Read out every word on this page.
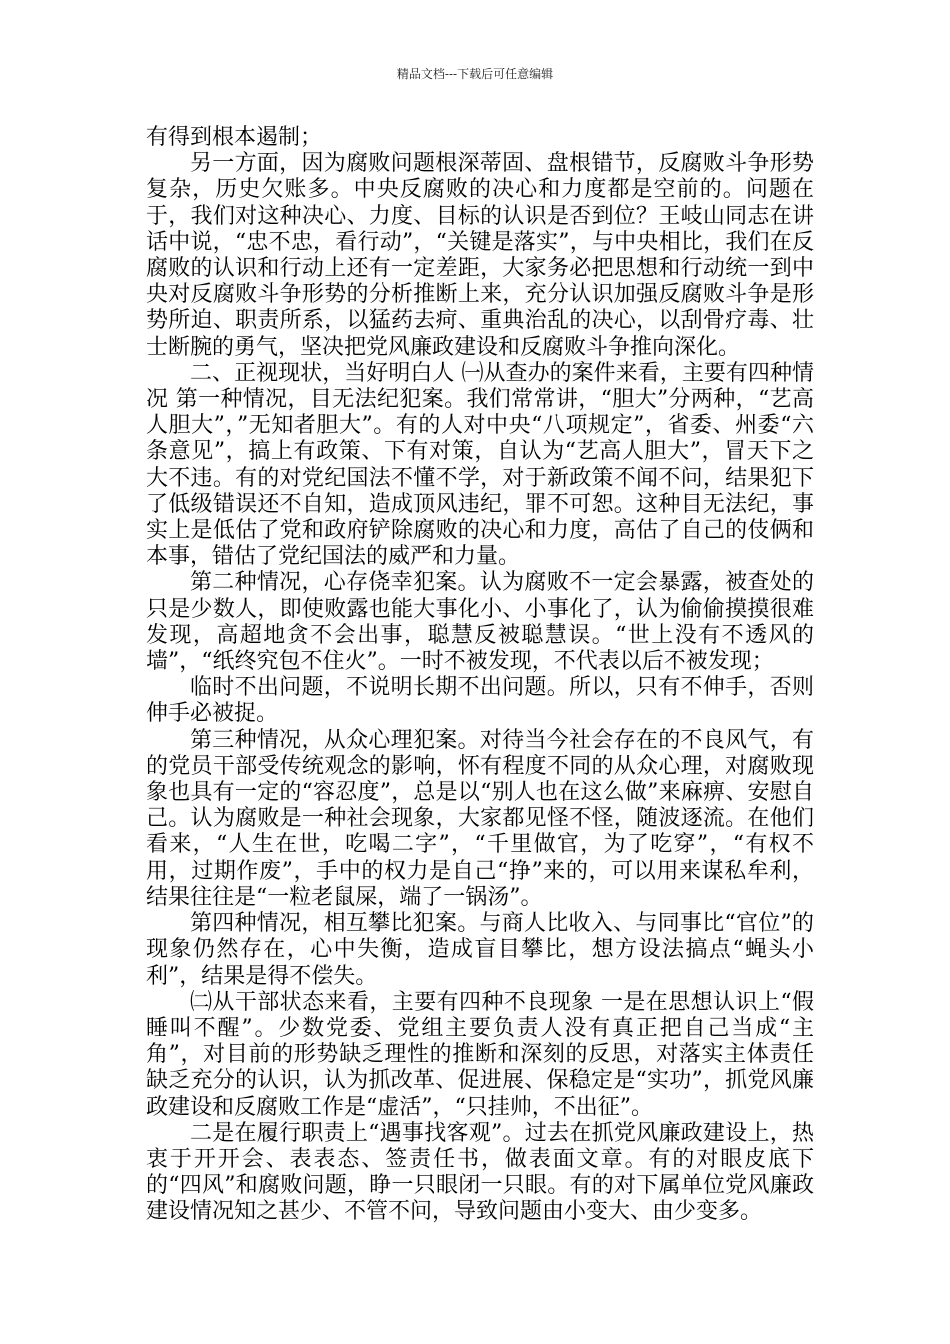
精品文档---下载后可任意编辑

有得到根本遏制；

另一方面，因为腐败问题根深蒂固、盘根错节，反腐败斗争形势复杂，历史欠账多。中央反腐败的决心和力度都是空前的。问题在于，我们对这种决心、力度、目标的认识是否到位？王岐山同志在讲话中说，“忠不忠，看行动”，“关键是落实”，与中央相比，我们在反腐败的认识和行动上还有一定差距，大家务必把思想和行动统一到中央对反腐败斗争形势的分析推断上来，充分认识加强反腐败斗争是形势所迫、职责所系，以猛药去疴、重典治乱的决心，以刮骨疗毒、壮士断腕的勇气，坚决把党风廉政建设和反腐败斗争推向深化。

二、正视现状，当好明白人 ㈠从查办的案件来看，主要有四种情况 第一种情况，目无法纪犯案。我们常常讲，“胆大”分两种，“艺高人胆大”，”无知者胆大”。有的人对中央“八项规定”，省委、州委“六条意见”，搞上有政策、下有对策，自认为“艺高人胆大”，冒天下之大不违。有的对党纪国法不懂不学，对于新政策不闻不问，结果犯下了低级错误还不自知，造成顶风违纪，罪不可恕。这种目无法纪，事实上是低估了党和政府铲除腐败的决心和力度，高估了自己的伎俩和本事，错估了党纪国法的威严和力量。

第二种情况，心存侥幸犯案。认为腐败不一定会暴露，被查处的只是少数人，即使败露也能大事化小、小事化了，认为偷偷摸摸很难发现，高超地贪不会出事，聪慧反被聪慧误。“世上没有不透风的墙”，“纸终究包不住火”。一时不被发现，不代表以后不被发现；

临时不出问题，不说明长期不出问题。所以，只有不伸手，否则伸手必被捉。

第三种情况，从众心理犯案。对待当今社会存在的不良风气，有的党员干部受传统观念的影响，怀有程度不同的从众心理，对腐败现象也具有一定的“容忍度”，总是以“别人也在这么做”来麻痹、安慰自己。认为腐败是一种社会现象，大家都见怪不怪，随波逐流。在他们看来，“人生在世，吃喝二字”，“千里做官，为了吃穿”，“有权不用，过期作废”，手中的权力是自己“挣”来的，可以用来谋私牟利，结果往往是“一粒老鼠屎，端了一锅汤”。

第四种情况，相互攀比犯案。与商人比收入、与同事比“官位”的现象仍然存在，心中失衡，造成盲目攀比，想方设法搞点“蝇头小利”，结果是得不偿失。

㈡从干部状态来看，主要有四种不良现象 一是在思想认识上“假睡叫不醒”。少数党委、党组主要负责人没有真正把自己当成“主角”，对目前的形势缺乏理性的推断和深刻的反思，对落实主体责任缺乏充分的认识，认为抓改革、促进展、保稳定是“实功”，抓党风廉政建设和反腐败工作是“虚活”，“只挂帅，不出征”。

二是在履行职责上“遇事找客观”。过去在抓党风廉政建设上，热衷于开开会、表表态、签责任书，做表面文章。有的对眼皮底下的“四风”和腐败问题，睁一只眼闭一只眼。有的对下属单位党风廉政建设情况知之甚少、不管不问，导致问题由小变大、由少变多。
